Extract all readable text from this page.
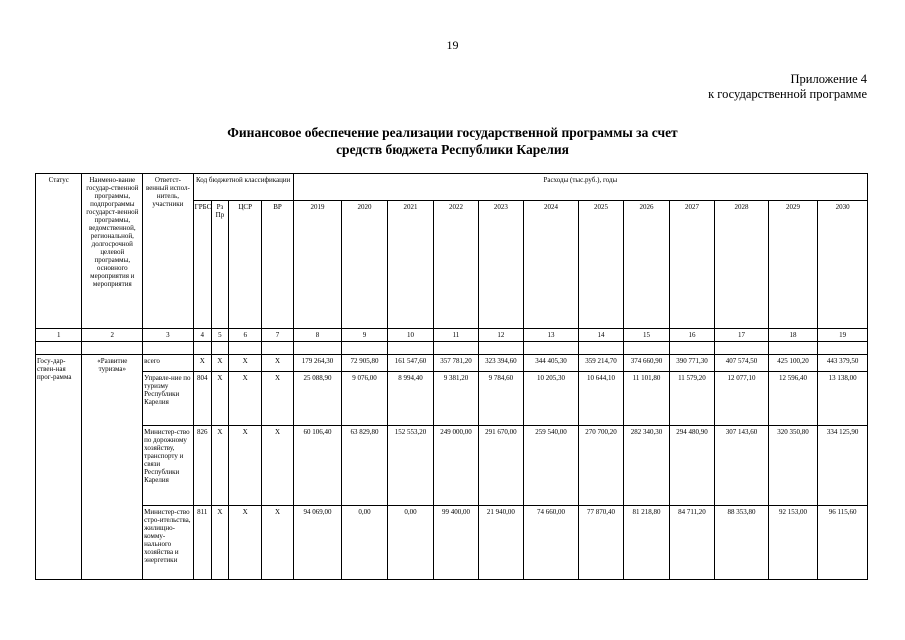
19
Приложение 4
к государственной программе
Финансовое обеспечение реализации государственной программы за счет
средств бюджета Республики Карелия
Статус	Наимено-вание государ-ственной программы, подпрограммы государст-венной программы, ведомственной, региональной, долгосрочной целевой программы, основного мероприятия и мероприятия	Ответст-венный испол-нитель, участники	Код бюджетной классификации				Расходы (тыс.руб.), годы											
			ГРБС	Рз Пр	ЦСР	ВР	2019	2020	2021	2022	2023	2024	2025	2026	2027	2028	2029	2030
1	2	3	4	5	6	7	8	9	10	11	12	13	14	15	16	17	18	19

Госу-дар-ствен-ная прог-рамма	«Развитие туризма»	всего	Х	Х	Х	Х	179 264,30	72 905,80	161 547,60	357 781,20	323 394,60	344 405,30	359 214,70	374 660,90	390 771,30	407 574,50	425 100,20	443 379,50
		Управле-ние по туризму Республики Карелия	804	Х	Х	Х	25 088,90	9 076,00	8 994,40	9 381,20	9 784,60	10 205,30	10 644,10	11 101,80	11 579,20	12 077,10	12 596,40	13 138,00
		Министер-ство по дорожному хозяйству, транспорту и связи Республики Карелия	826	Х	Х	Х	60 106,40	63 829,80	152 553,20	249 000,00	291 670,00	259 540,00	270 700,20	282 340,30	294 480,90	307 143,60	320 350,80	334 125,90
		Министер-ство стро-ительства, жилищно-комму-нального хозяйства и энергетики	811	Х	Х	Х	94 069,00	0,00	0,00	99 400,00	21 940,00	74 660,00	77 870,40	81 218,80	84 711,20	88 353,80	92 153,00	96 115,60
